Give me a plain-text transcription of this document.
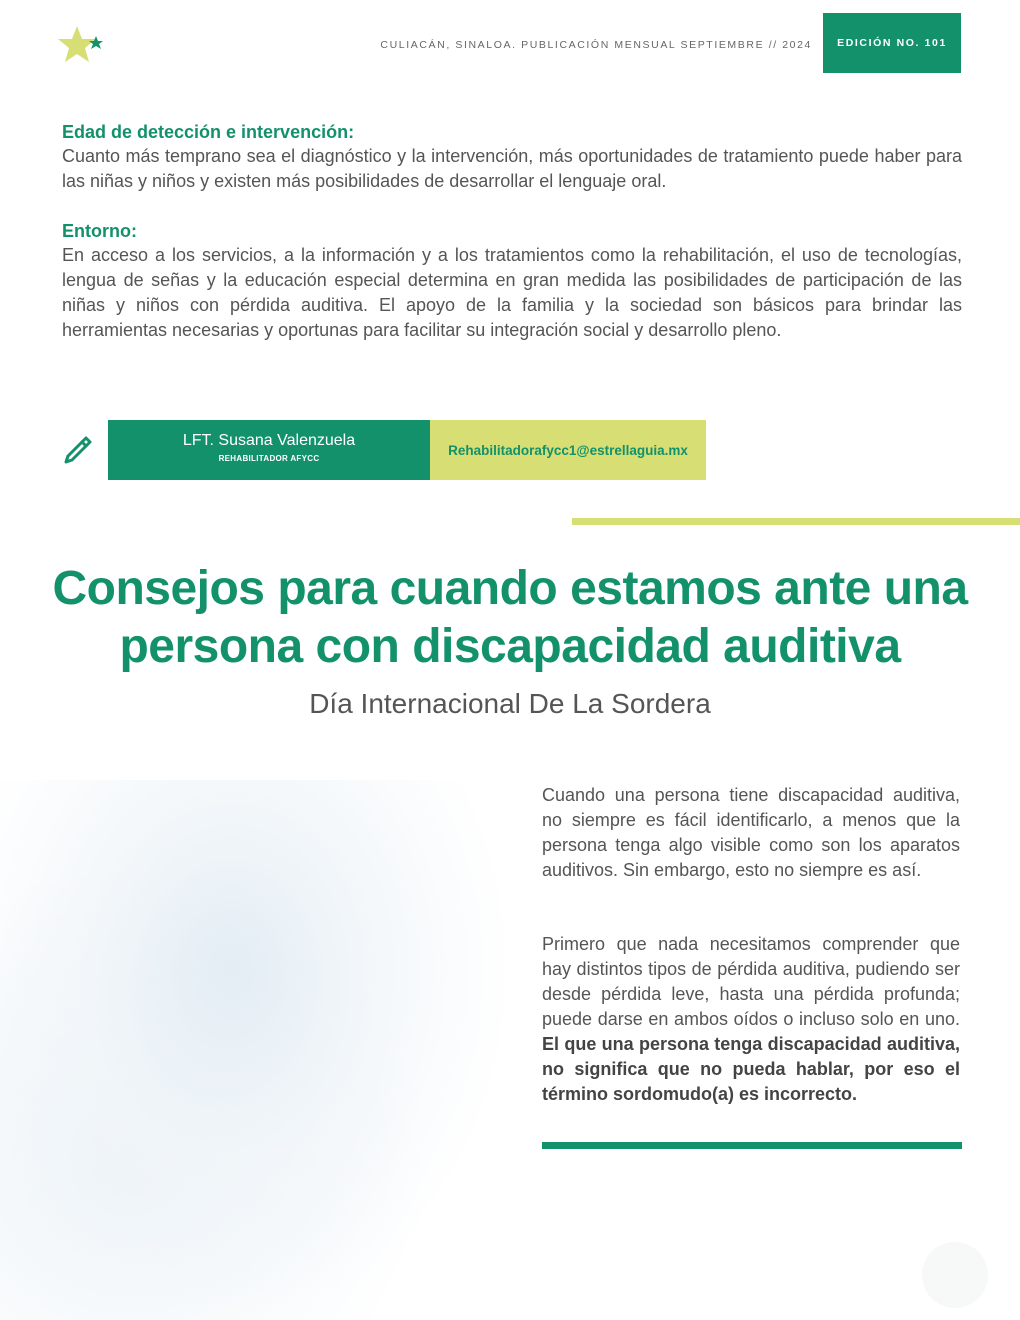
CULIACÁN, SINALOA. PUBLICACIÓN MENSUAL SEPTIEMBRE // 2024	EDICIÓN NO. 101
Edad de detección e intervención:
Cuanto más temprano sea el diagnóstico y la intervención, más oportunidades de tratamiento puede haber para las niñas y niños y existen más posibilidades de desarrollar el lenguaje oral.
Entorno:
En acceso a los servicios, a la información y a los tratamientos como la rehabilitación, el uso de tecnologías, lengua de señas y la educación especial determina en gran medida las posibilidades de participación de las niñas y niños con pérdida auditiva. El apoyo de la familia y la sociedad son básicos para brindar las herramientas necesarias y oportunas para facilitar su integración social y desarrollo pleno.
LFT. Susana Valenzuela
REHABILITADOR AFYCC
Rehabilitadorafycc1@estrellaguia.mx
Consejos para cuando estamos ante una
persona con discapacidad auditiva
Día Internacional De La Sordera
Cuando una persona tiene discapacidad auditiva, no siempre es fácil identificarlo, a menos que la persona tenga algo visible como son los aparatos auditivos. Sin embargo, esto no siempre es así.
Primero que nada necesitamos comprender que hay distintos tipos de pérdida auditiva, pudiendo ser desde pérdida leve, hasta una pérdida profunda; puede darse en ambos oídos o incluso solo en uno. El que una persona tenga discapacidad auditiva, no significa que no pueda hablar, por eso el término sordomudo(a) es incorrecto.
